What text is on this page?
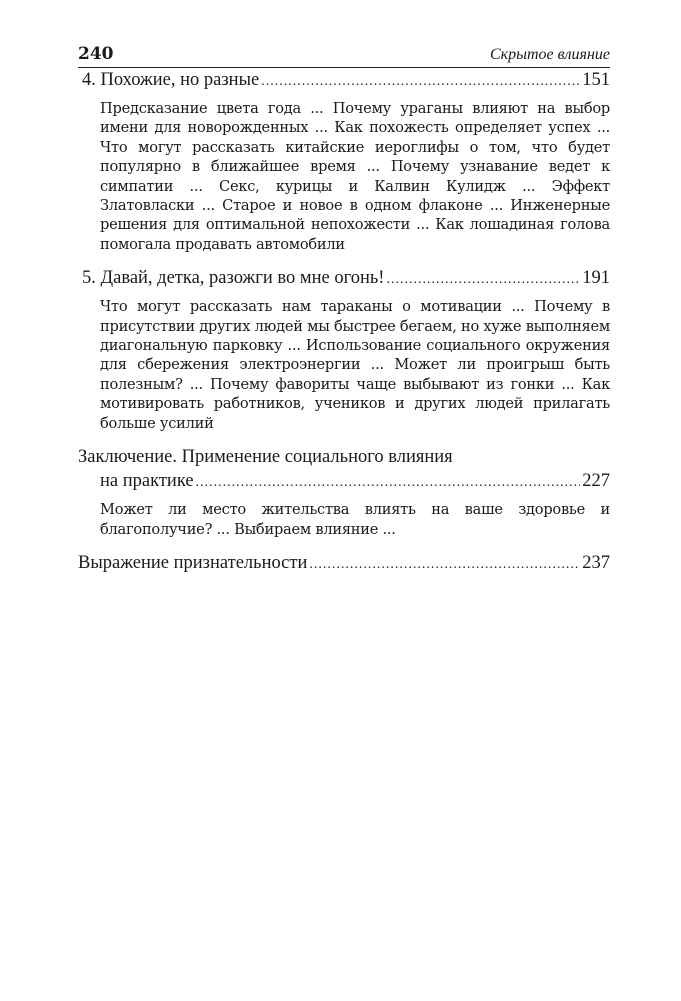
240	Скрытое влияние
4. Похожие, но разные .....	151
Предсказание цвета года ... Почему ураганы влияют на выбор имени для новорожденных ... Как похожесть определяет успех ... Что могут рассказать китайские иероглифы о том, что будет популярно в ближайшее время ... Почему узнавание ведет к симпатии ... Секс, курицы и Калвин Кулидж ... Эффект Златовласки ... Старое и новое в одном флаконе ... Инженерные решения для оптимальной непохожести ... Как лошадиная голова помогала продавать автомобили
5. Давай, детка, разожги во мне огонь! .....	191
Что могут рассказать нам тараканы о мотивации ... Почему в присутствии других людей мы быстрее бегаем, но хуже выполняем диагональную парковку ... Использование социального окружения для сбережения электроэнергии ... Может ли проигрыш быть полезным? ... Почему фавориты чаще выбывают из гонки ... Как мотивировать работников, учеников и других людей прилагать больше усилий
Заключение. Применение социального влияния
на практике .....	227
Может ли место жительства влиять на ваше здоровье и благополучие? ... Выбираем влияние ...
Выражение признательности .....	237
